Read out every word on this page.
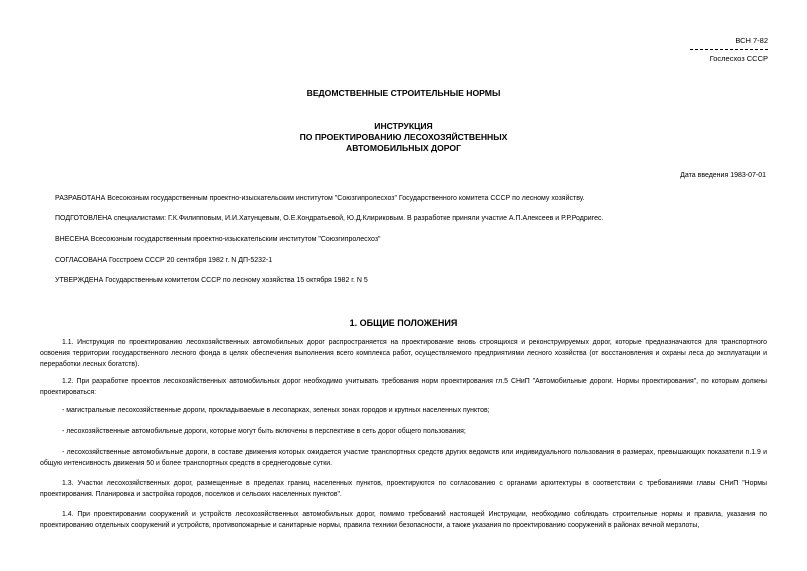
ВСН 7-82
Гослесхоз СССР
ВЕДОМСТВЕННЫЕ СТРОИТЕЛЬНЫЕ НОРМЫ
ИНСТРУКЦИЯ
ПО ПРОЕКТИРОВАНИЮ ЛЕСОХОЗЯЙСТВЕННЫХ
АВТОМОБИЛЬНЫХ ДОРОГ
Дата введения 1983-07-01
РАЗРАБОТАНА Всесоюзным государственным проектно-изыскательским институтом "Союзгипролесхоз" Государственного комитета СССР по лесному хозяйству.
ПОДГОТОВЛЕНА специалистами: Г.К.Филипповым, И.И.Хатунцевым, О.Е.Кондратьевой, Ю.Д.Клириковым. В разработке приняли участие А.П.Алексеев и Р.Р.Родригес.
ВНЕСЕНА Всесоюзным государственным проектно-изыскательским институтом "Союзгипролесхоз"
СОГЛАСОВАНА Госстроем СССР 20 сентября 1982 г. N ДП-5232-1
УТВЕРЖДЕНА Государственным комитетом СССР по лесному хозяйства 15 октября 1982 г. N 5
1. ОБЩИЕ ПОЛОЖЕНИЯ
1.1. Инструкция по проектированию лесохозяйственных автомобильных дорог распространяется на проектирование вновь строящихся и реконструируемых дорог, которые предназначаются для транспортного освоения территории государственного лесного фонда в целях обеспечения выполнения всего комплекса работ, осуществляемого предприятиями лесного хозяйства (от восстановления и охраны леса до эксплуатации и переработки лесных богатств).
1.2. При разработке проектов лесохозяйственных автомобильных дорог необходимо учитывать требования норм проектирования гл.5 СНиП "Автомобильные дороги. Нормы проектирования", по которым должны проектироваться:
- магистральные лесохозяйственные дороги, прокладываемые в лесопарках, зеленых зонах городов и крупных населенных пунктов;
- лесохозяйственные автомобильные дороги, которые могут быть включены в перспективе в сеть дорог общего пользования;
- лесохозяйственные автомобильные дороги, в составе движения которых ожидается участие транспортных средств других ведомств или индивидуального пользования в размерах, превышающих показатели п.1.9 и общую интенсивность движения 50 и более транспортных средств в среднегодовые сутки.
1.3. Участки лесохозяйственных дорог, размещенные в пределах границ населенных пунктов, проектируются по согласованию с органами архитектуры в соответствии с требованиями главы СНиП "Нормы проектирования. Планировка и застройка городов, поселков и сельских населенных пунктов".
1.4. При проектировании сооружений и устройств лесохозяйственных автомобильных дорог, помимо требований настоящей Инструкции, необходимо соблюдать строительные нормы и правила, указания по проектированию отдельных сооружений и устройств, противопожарные и санитарные нормы, правила техники безопасности, а также указания по проектированию сооружений в районах вечной мерзлоты,
